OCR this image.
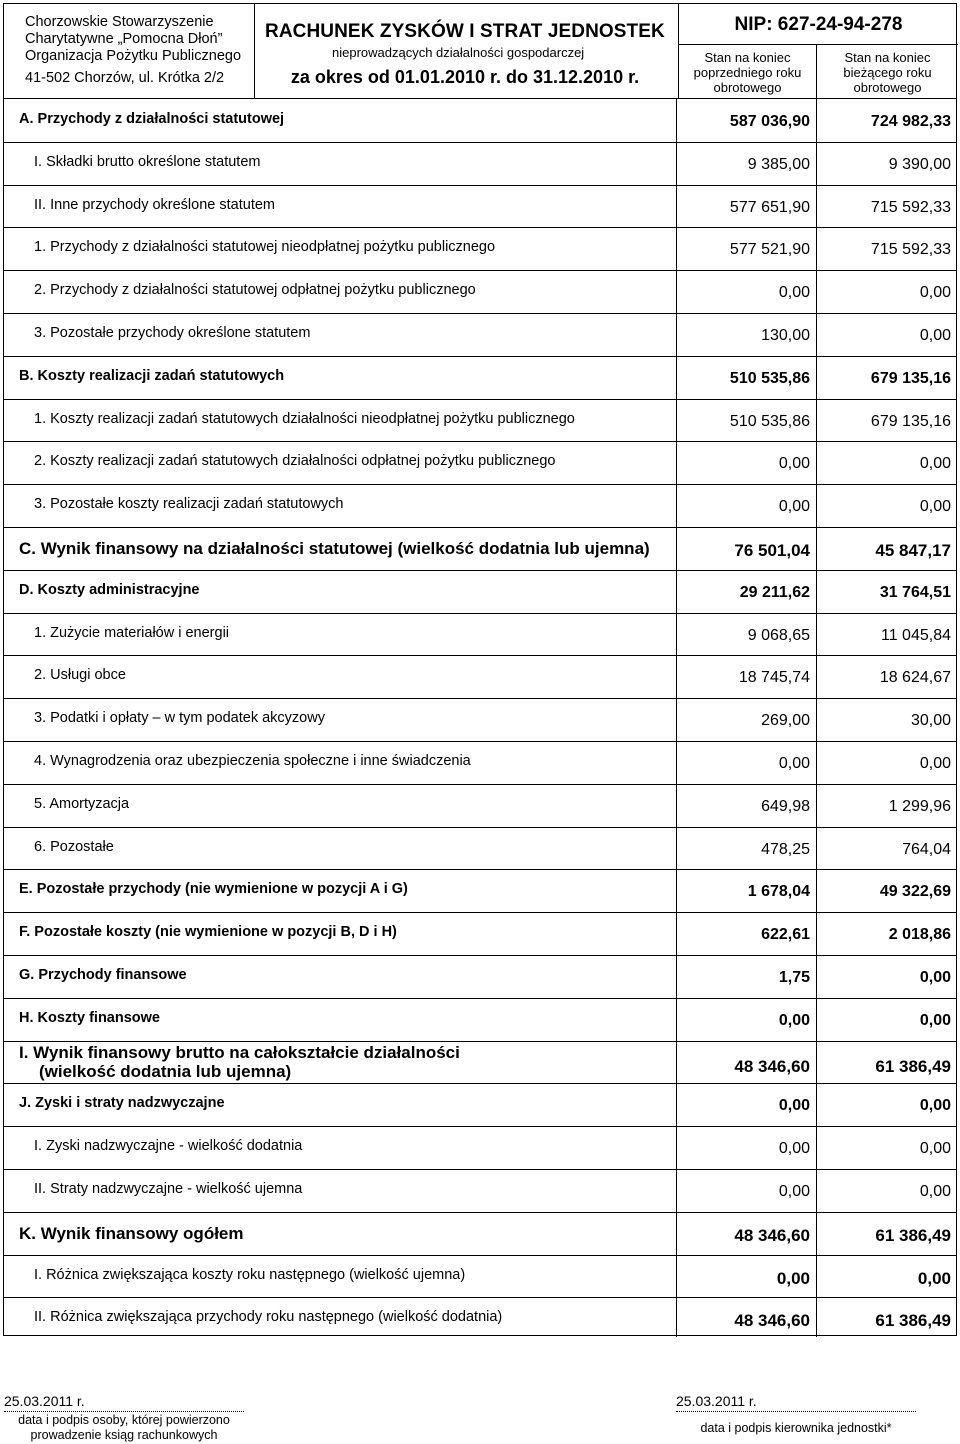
Chorzowskie Stowarzyszenie
Charytatywne „Pomocna Dłoń”
Organizacja Pożytku Publicznego
41-502 Chorzów, ul. Krótka 2/2
RACHUNEK ZYSKÓW I STRAT JEDNOSTEK
nieprowadzących działalności gospodarczej
za okres od 01.01.2010 r. do 31.12.2010 r.
Stan na koniec
poprzedniego roku
obrotowego
Stan na koniec
bieżącego roku
obrotowego
NIP: 627-24-94-278
A. Przychody z działalności statutowej	587 036,90	724 982,33
I. Składki brutto określone statutem	9 385,00	9 390,00
II. Inne przychody określone statutem	577 651,90	715 592,33
1. Przychody z działalności statutowej nieodpłatnej pożytku publicznego	577 521,90	715 592,33
2. Przychody z działalności statutowej odpłatnej pożytku publicznego	0,00	0,00
3. Pozostałe przychody określone statutem	130,00	0,00
B. Koszty realizacji zadań statutowych	510 535,86	679 135,16
1. Koszty realizacji zadań statutowych działalności nieodpłatnej pożytku publicznego	510 535,86	679 135,16
2. Koszty realizacji zadań statutowych działalności odpłatnej pożytku publicznego	0,00	0,00
3. Pozostałe koszty realizacji zadań statutowych	0,00	0,00
C. Wynik finansowy na działalności statutowej (wielkość dodatnia lub ujemna)	76 501,04	45 847,17
D. Koszty administracyjne	29 211,62	31 764,51
1. Zużycie materiałów i energii	9 068,65	11 045,84
2. Usługi obce	18 745,74	18 624,67
3. Podatki i opłaty – w tym podatek akcyzowy	269,00	30,00
4. Wynagrodzenia oraz ubezpieczenia społeczne i inne świadczenia	0,00	0,00
5. Amortyzacja	649,98	1 299,96
6. Pozostałe	478,25	764,04
E. Pozostałe przychody (nie wymienione w pozycji A i G)	1 678,04	49 322,69
F. Pozostałe koszty (nie wymienione w pozycji B, D i H)	622,61	2 018,86
G. Przychody finansowe	1,75	0,00
H. Koszty finansowe	0,00	0,00
I. Wynik finansowy brutto na całokształcie działalności
(wielkość dodatnia lub ujemna)	48 346,60	61 386,49
J. Zyski i straty nadzwyczajne	0,00	0,00
I. Zyski nadzwyczajne - wielkość dodatnia	0,00	0,00
II. Straty nadzwyczajne - wielkość ujemna	0,00	0,00
K. Wynik finansowy ogółem	48 346,60	61 386,49
I. Różnica zwiększająca koszty roku następnego (wielkość ujemna)	0,00	0,00
II. Różnica zwiększająca przychody roku następnego (wielkość dodatnia)	48 346,60	61 386,49
25.03.2011 r.
data i podpis osoby, której powierzono
prowadzenie ksiąg rachunkowych
25.03.2011 r.
data i podpis kierownika jednostki*
